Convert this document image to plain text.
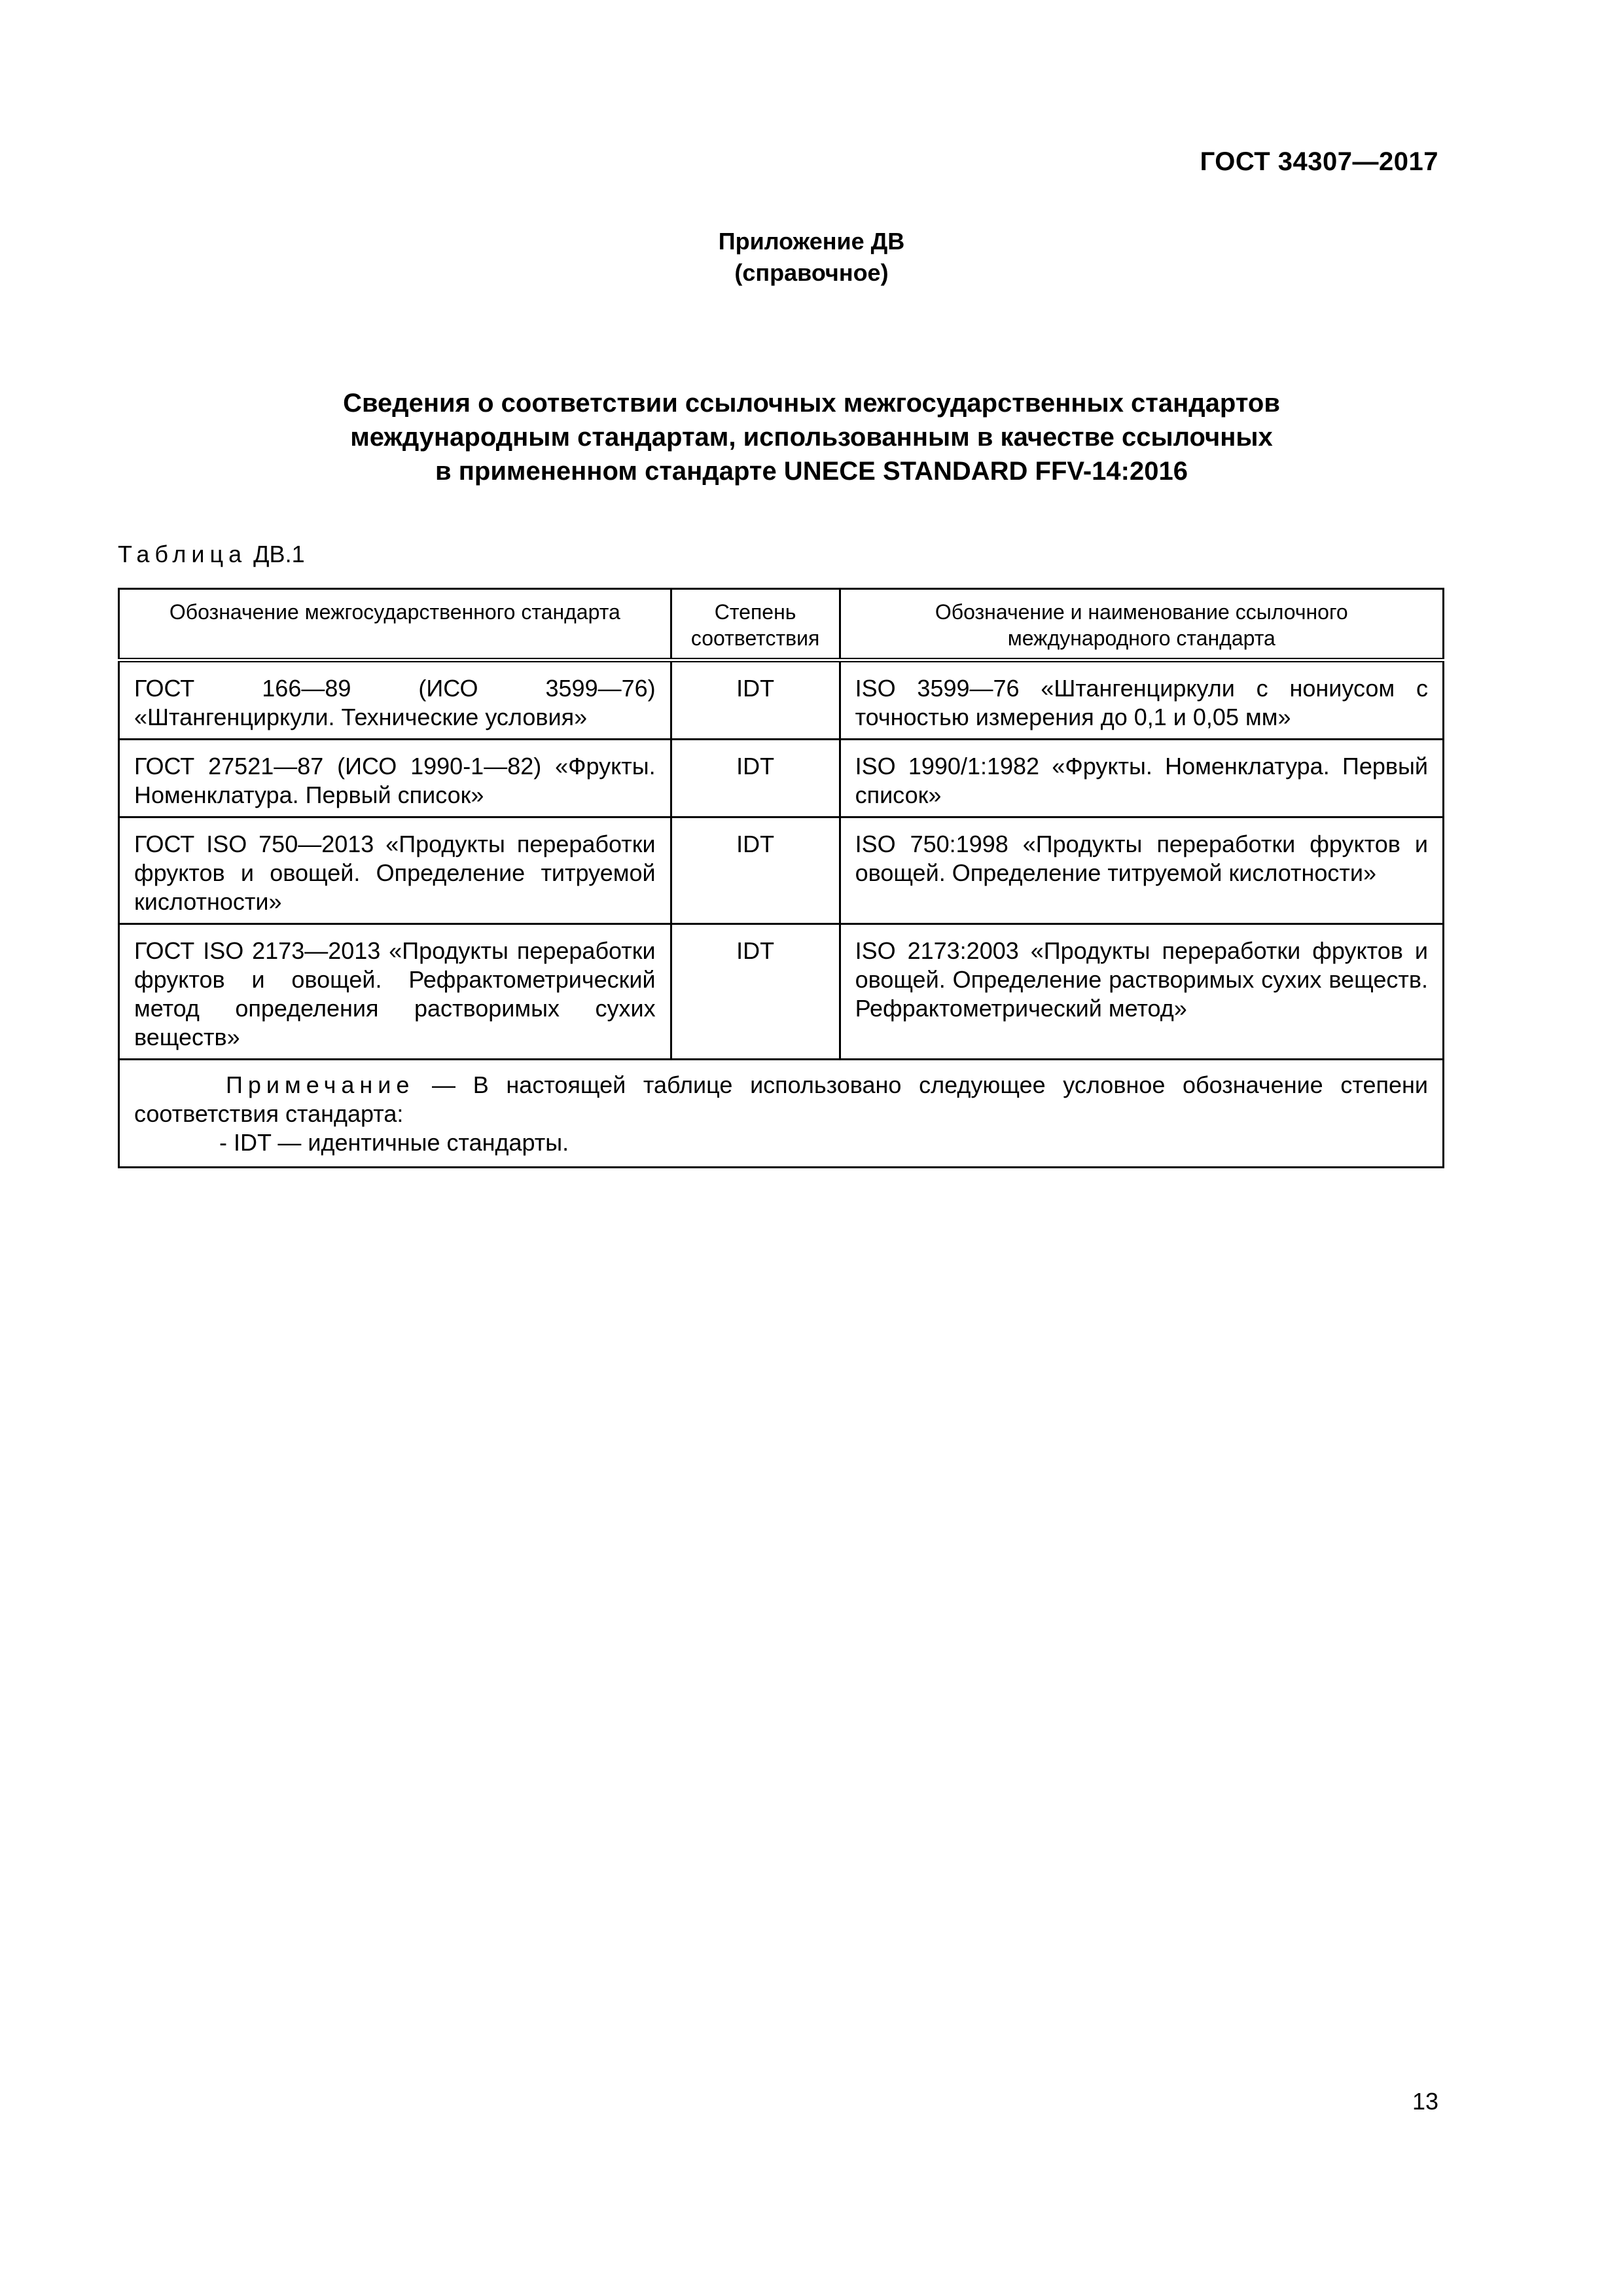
ГОСТ 34307—2017
Приложение ДВ
(справочное)
Сведения о соответствии ссылочных межгосударственных стандартов
международным стандартам, использованным в качестве ссылочных
в примененном стандарте UNECE STANDARD FFV-14:2016
Таблица ДВ.1
Обозначение межгосударственного стандарта	Степень соответствия	Обозначение и наименование ссылочного международного стандарта
ГОСТ 166—89 (ИСО 3599—76) «Штангенциркули. Технические условия»	IDT	ISO 3599—76 «Штангенциркули с нониусом с точностью измерения до 0,1 и 0,05 мм»
ГОСТ 27521—87 (ИСО 1990-1—82) «Фрукты. Номенклатура. Первый список»	IDT	ISO 1990/1:1982 «Фрукты. Номенклатура. Первый список»
ГОСТ ISO 750—2013 «Продукты переработки фруктов и овощей. Определение титруемой кислотности»	IDT	ISO 750:1998 «Продукты переработки фруктов и овощей. Определение титруемой кислотности»
ГОСТ ISO 2173—2013 «Продукты переработки фруктов и овощей. Рефрактометрический метод определения растворимых сухих веществ»	IDT	ISO 2173:2003 «Продукты переработки фруктов и овощей. Определение растворимых сухих веществ. Рефрактометрический метод»

Примечание — В настоящей таблице использовано следующее условное обозначение степени соответствия стандарта:
- IDT — идентичные стандарты.		
13
